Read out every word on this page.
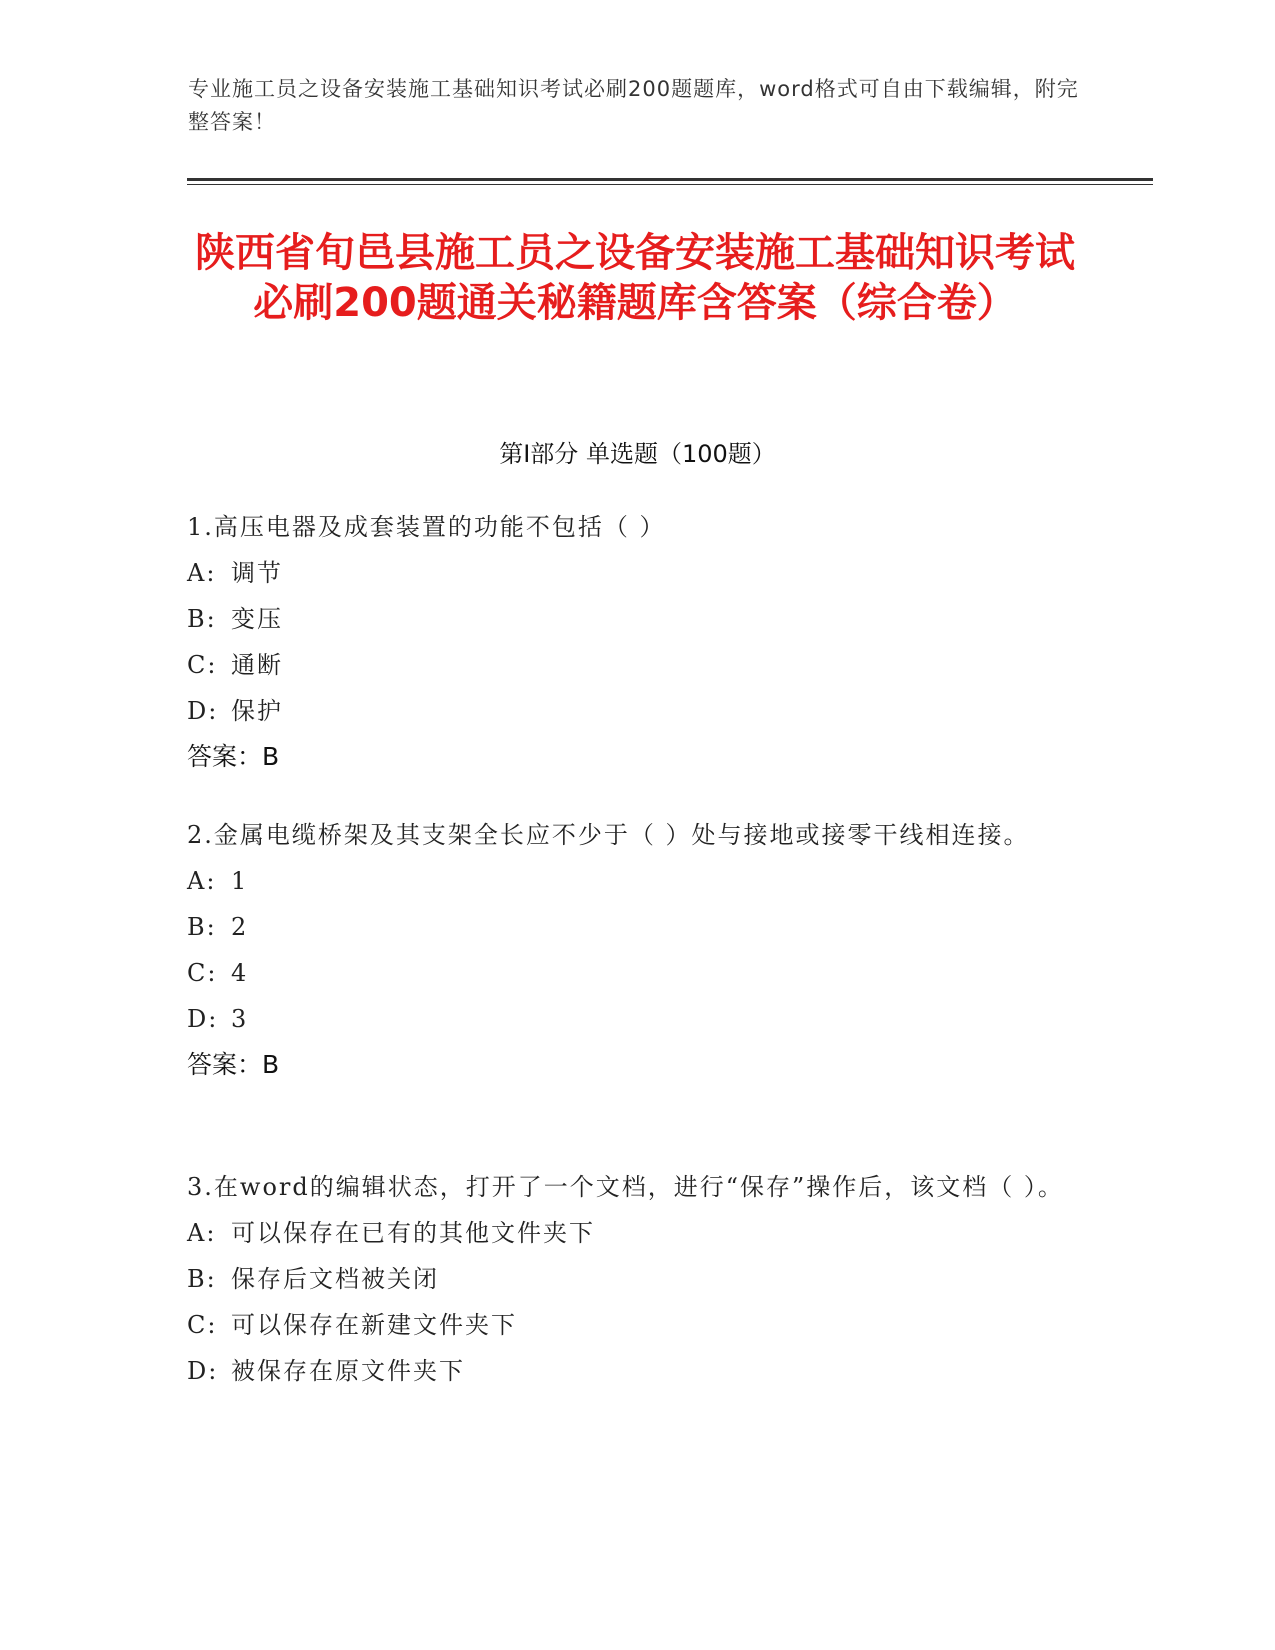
专业施工员之设备安装施工基础知识考试必刷200题题库，word格式可自由下载编辑，附完整答案！
陕西省旬邑县施工员之设备安装施工基础知识考试必刷200题通关秘籍题库含答案（综合卷）
第Ⅰ部分 单选题（100题）

1.高压电器及成套装置的功能不包括（ ）

A: 调节

B: 变压

C: 通断

D: 保护

答案：B

2.金属电缆桥架及其支架全长应不少于（ ）处与接地或接零干线相连接。

A: 1

B: 2

C: 4

D: 3

答案：B

3.在word的编辑状态，打开了一个文档，进行“保存”操作后，该文档（ ）。

A: 可以保存在已有的其他文件夹下

B: 保存后文档被关闭

C: 可以保存在新建文件夹下

D: 被保存在原文件夹下
